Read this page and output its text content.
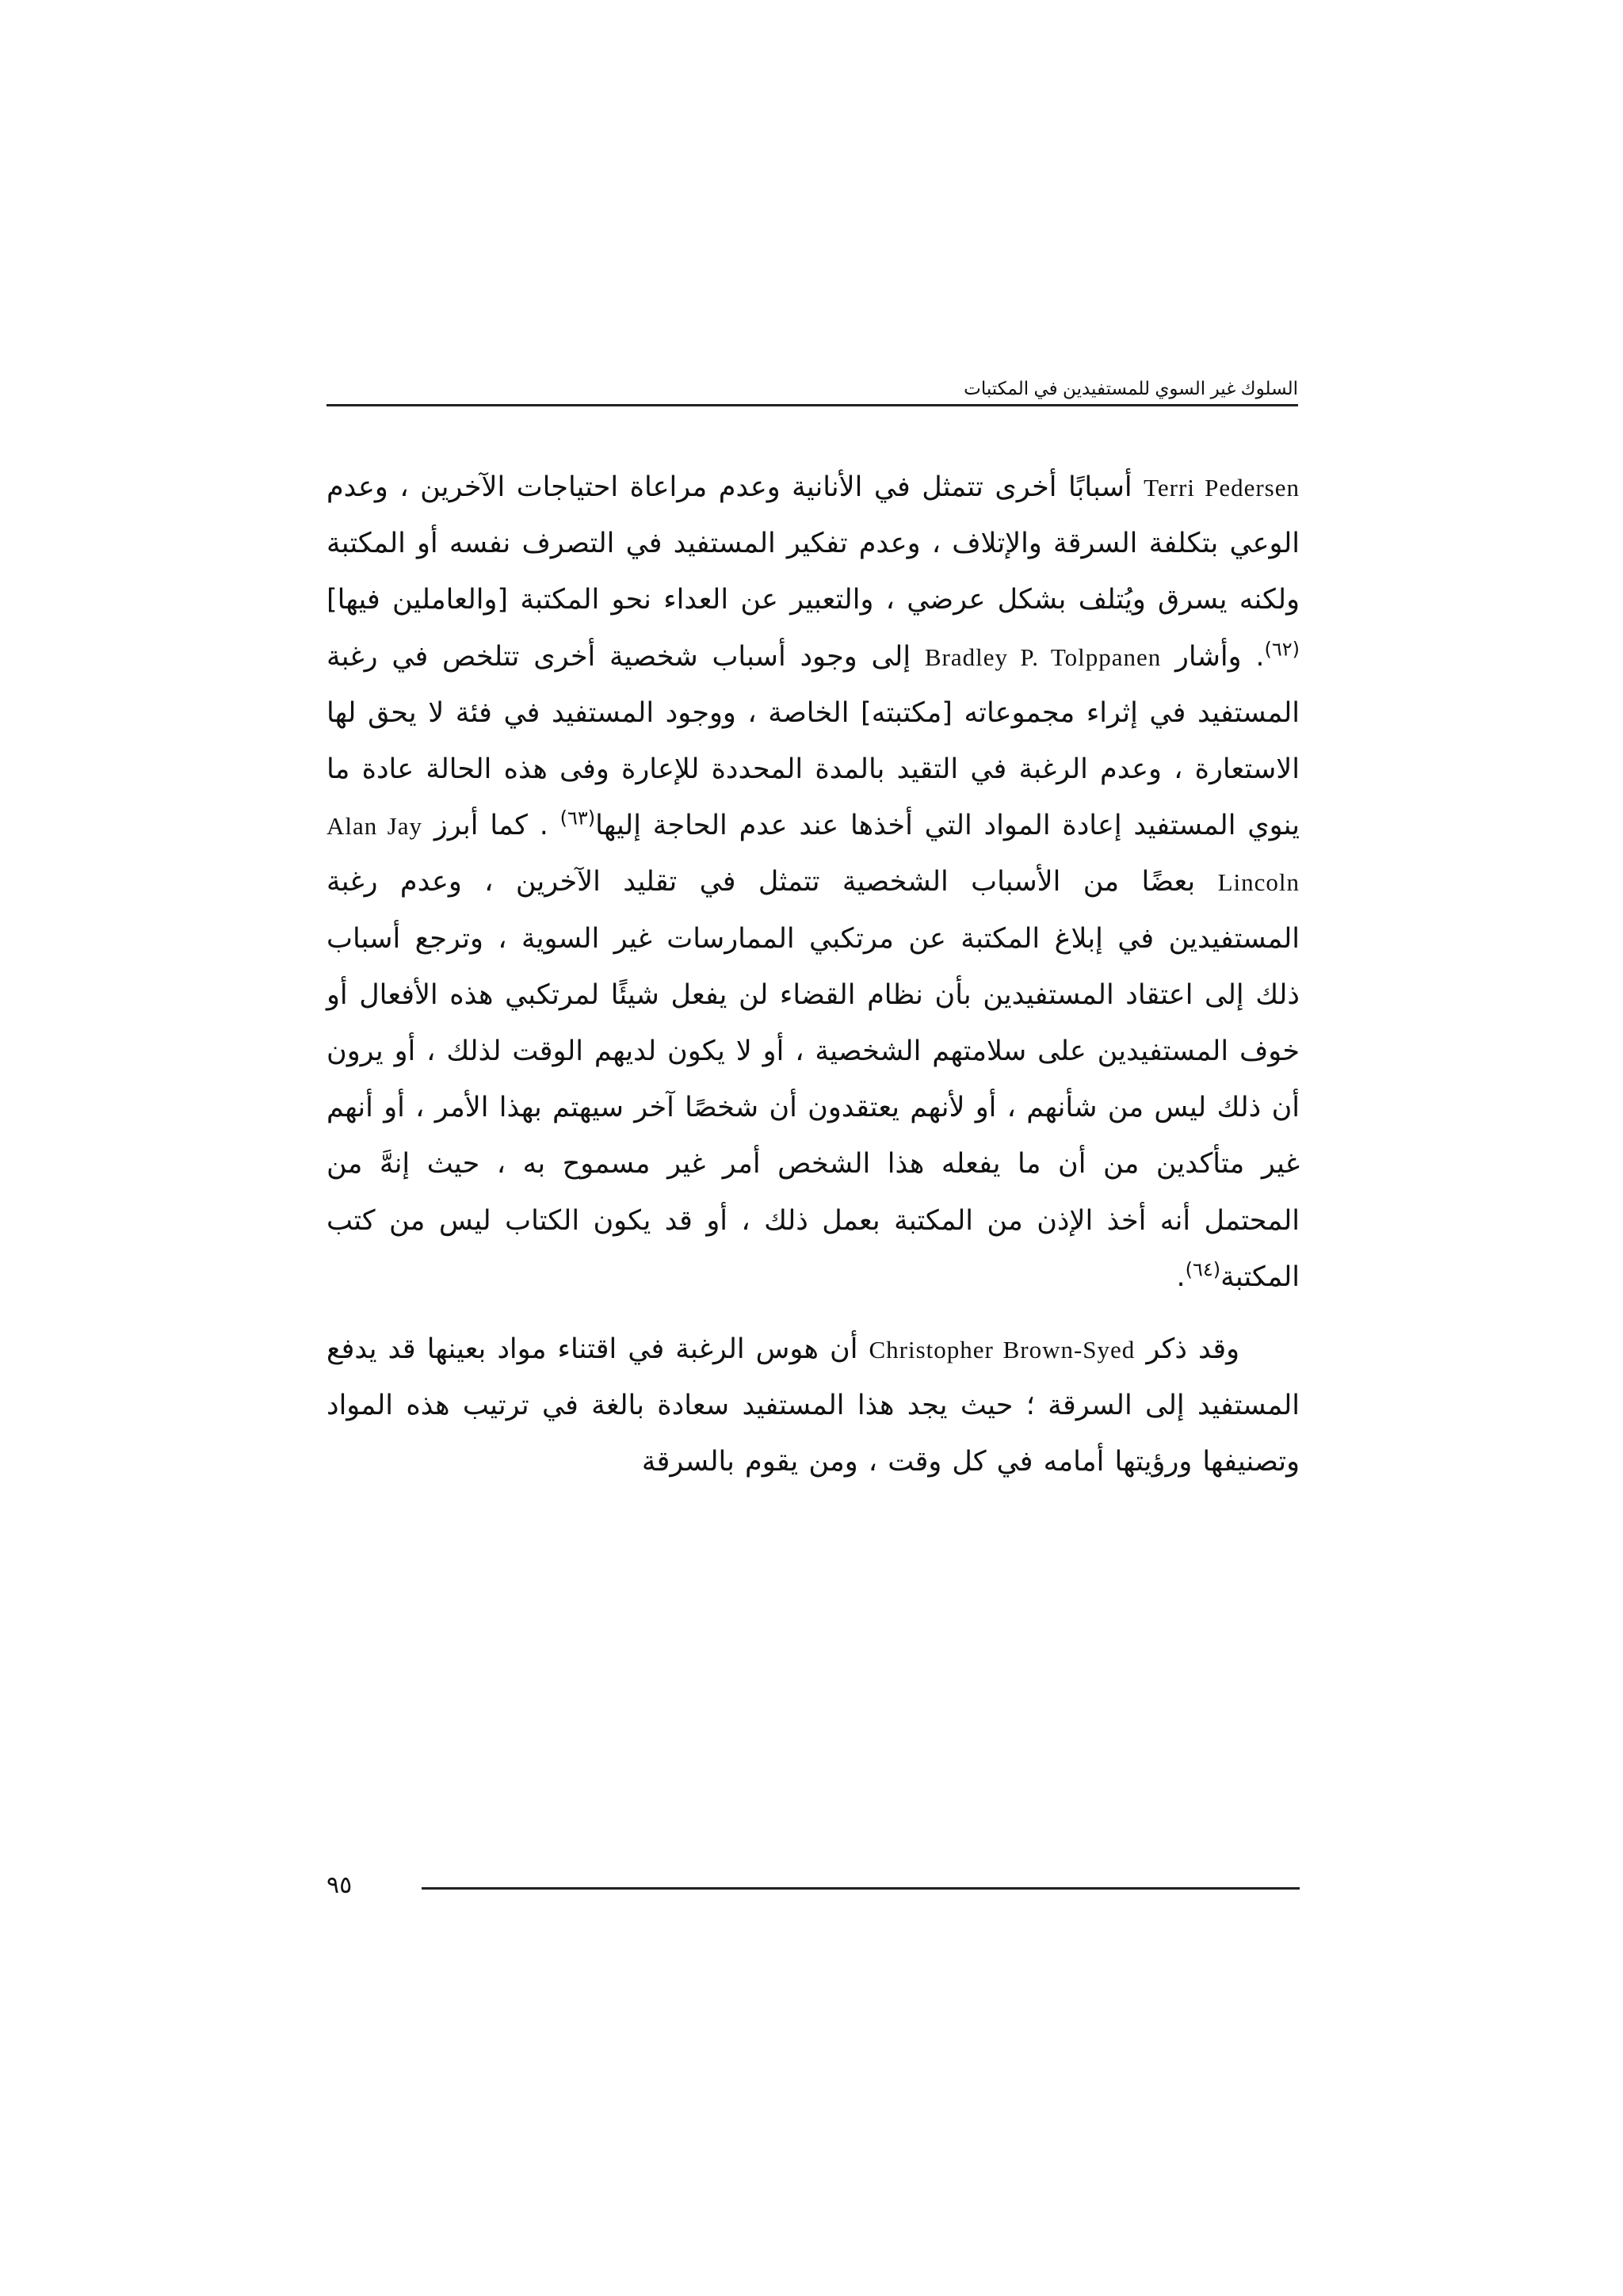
السلوك غير السوي للمستفيدين في المكتبات

Terri Pedersen أسبابًا أخرى تتمثل في الأنانية وعدم مراعاة احتياجات الآخرين ، وعدم الوعي بتكلفة السرقة والإتلاف ، وعدم تفكير المستفيد في التصرف نفسه أو المكتبة ولكنه يسرق ويُتلف بشكل عرضي ، والتعبير عن العداء نحو المكتبة [والعاملين فيها]$^{(٦٢)}$. وأشار Bradley P. Tolppanen إلى وجود أسباب شخصية أخرى تتلخص في رغبة المستفيد في إثراء مجموعاته [مكتبته] الخاصة ، ووجود المستفيد في فئة لا يحق لها الاستعارة ، وعدم الرغبة في التقيد بالمدة المحددة للإعارة وفى هذه الحالة عادة ما ينوي المستفيد إعادة المواد التي أخذها عند عدم الحاجة إليها$^{(٦٣)}$ . كما أبرز Alan Jay Lincoln بعضًا من الأسباب الشخصية تتمثل في تقليد الآخرين ، وعدم رغبة المستفيدين في إبلاغ المكتبة عن مرتكبي الممارسات غير السوية ، وترجع أسباب ذلك إلى اعتقاد المستفيدين بأن نظام القضاء لن يفعل شيئًا لمرتكبي هذه الأفعال أو خوف المستفيدين على سلامتهم الشخصية ، أو لا يكون لديهم الوقت لذلك ، أو يرون أن ذلك ليس من شأنهم ، أو لأنهم يعتقدون أن شخصًا آخر سيهتم بهذا الأمر ، أو أنهم غير متأكدين من أن ما يفعله هذا الشخص أمر غير مسموح به ، حيث إنهَّ من المحتمل أنه أخذ الإذن من المكتبة بعمل ذلك ، أو قد يكون الكتاب ليس من كتب المكتبة$^{(٦٤)}$.

وقد ذكر Christopher Brown-Syed أن هوس الرغبة في اقتناء مواد بعينها قد يدفع المستفيد إلى السرقة ؛ حيث يجد هذا المستفيد سعادة بالغة في ترتيب هذه المواد وتصنيفها ورؤيتها أمامه في كل وقت ، ومن يقوم بالسرقة

٩٥
